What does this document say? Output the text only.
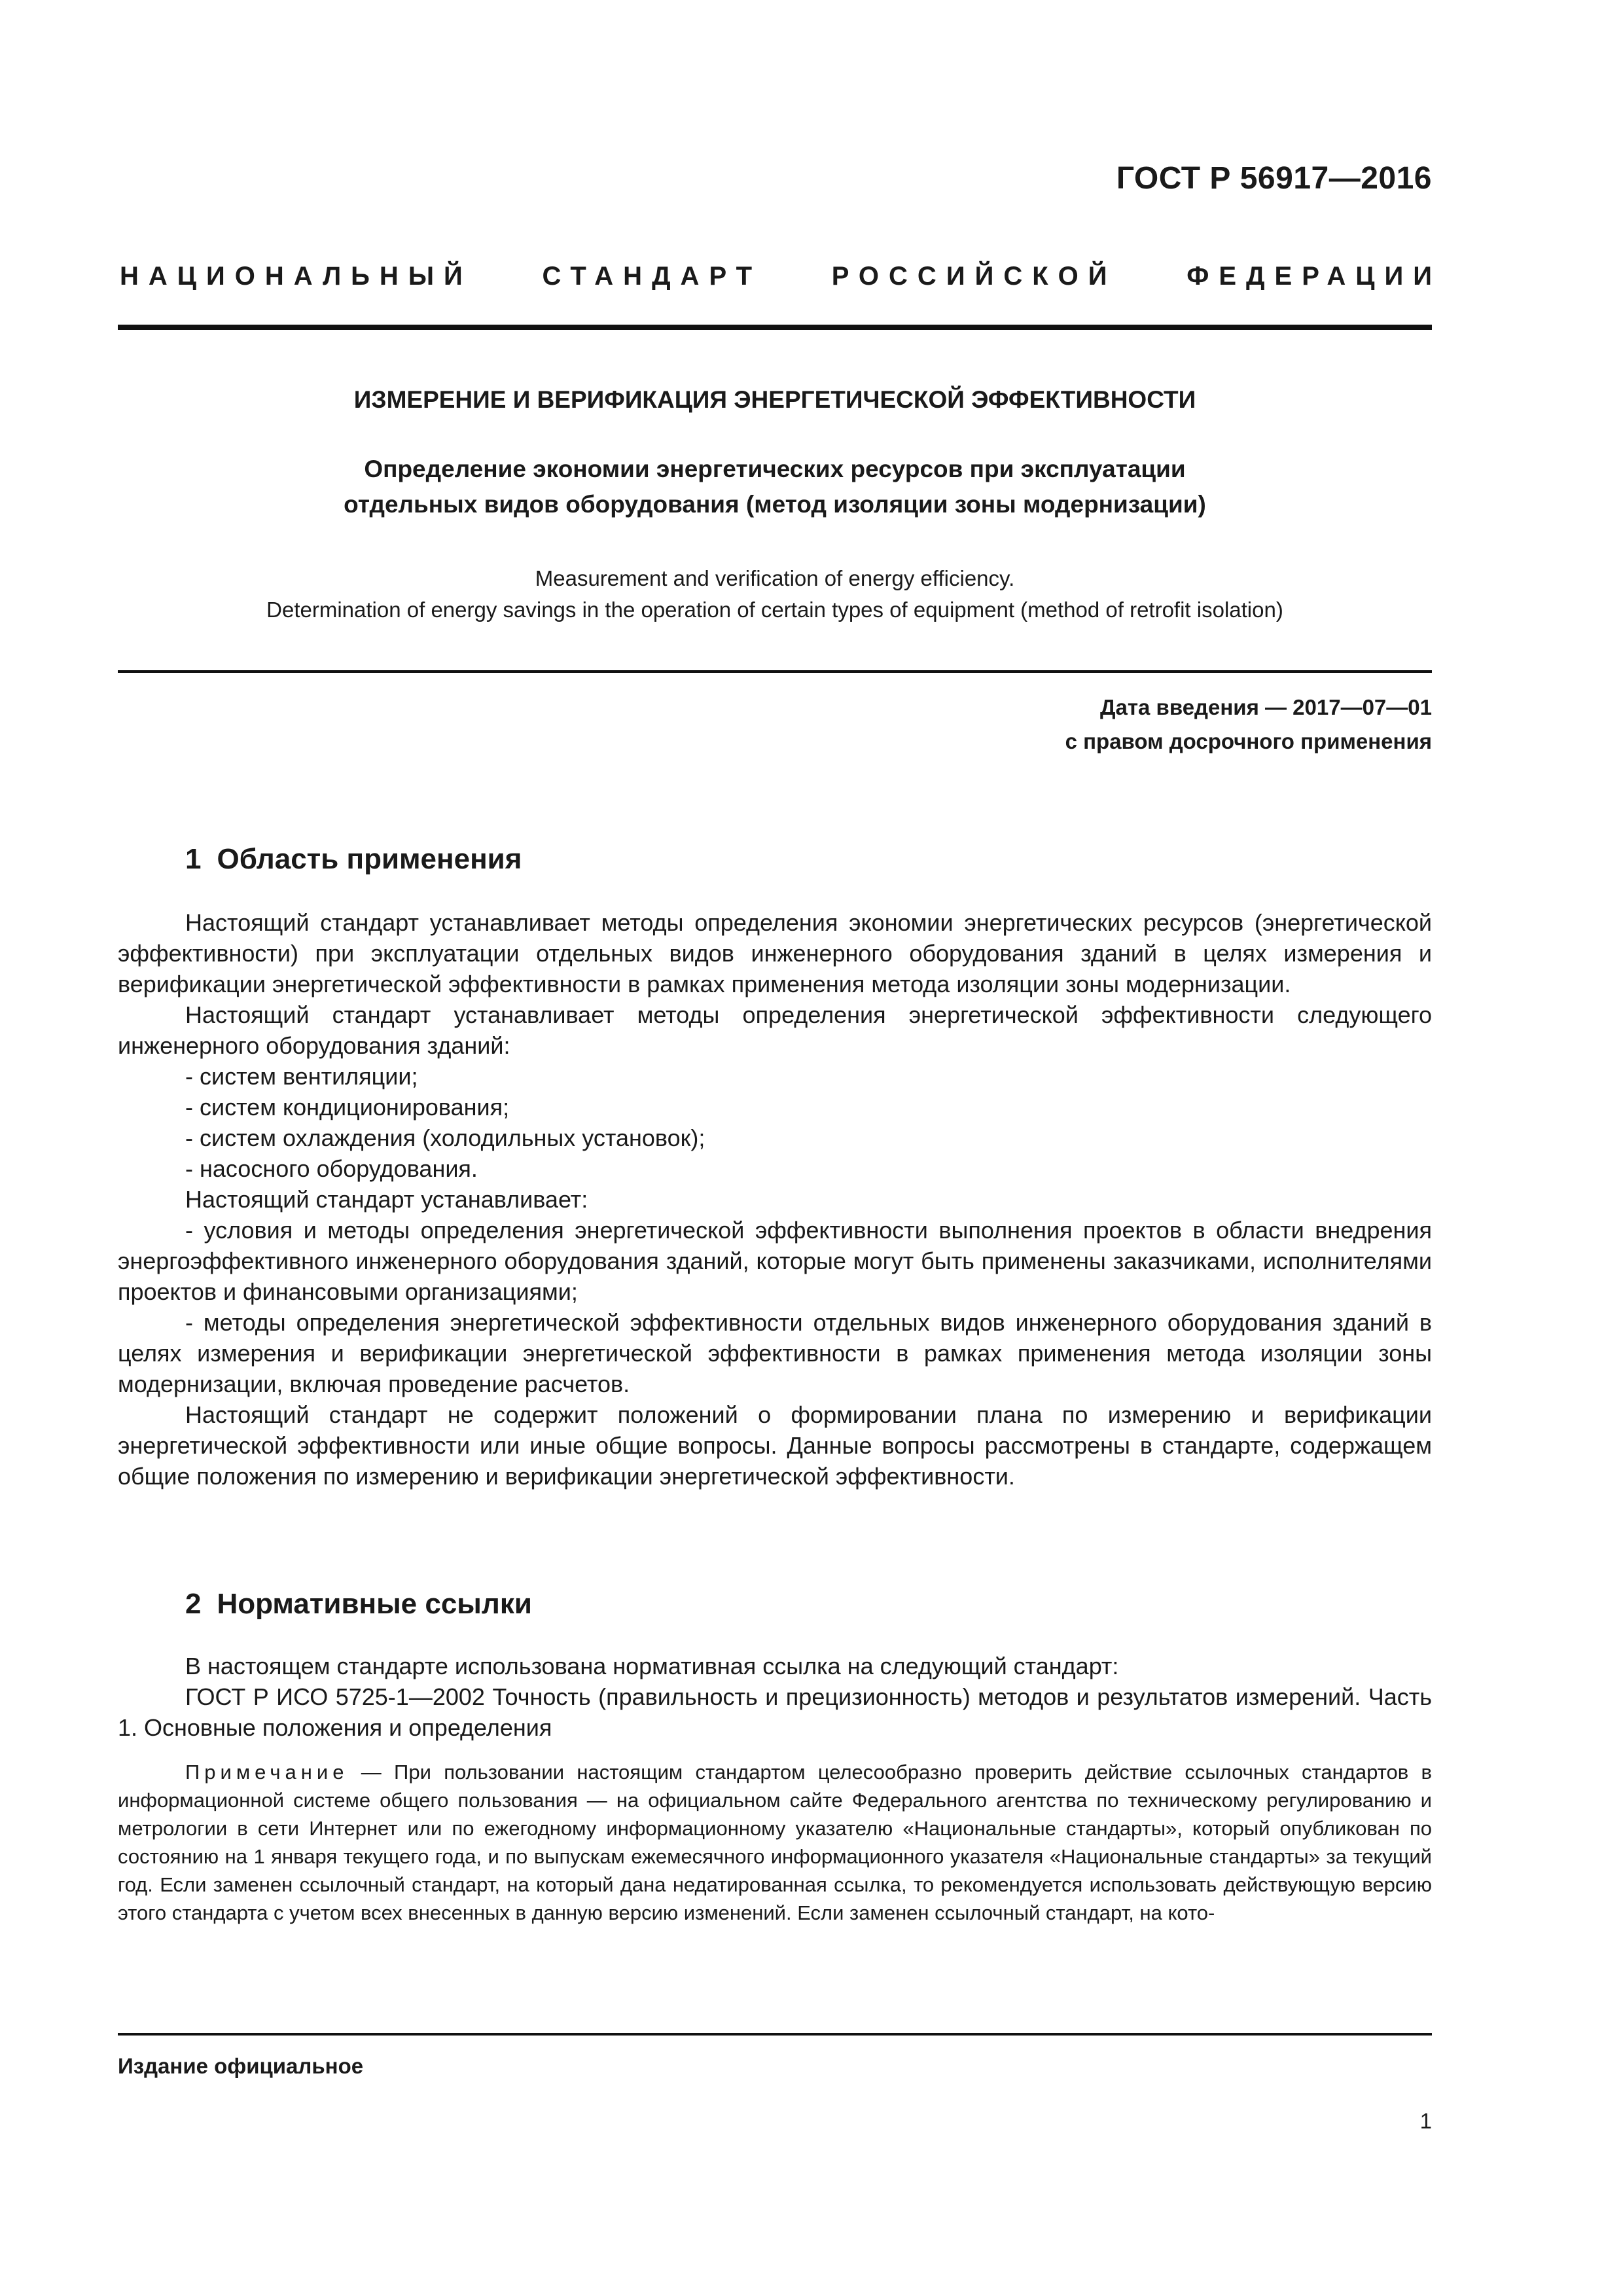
ГОСТ Р 56917—2016
НАЦИОНАЛЬНЫЙ	СТАНДАРТ	РОССИЙСКОЙ	ФЕДЕРАЦИИ
ИЗМЕРЕНИЕ И ВЕРИФИКАЦИЯ ЭНЕРГЕТИЧЕСКОЙ ЭФФЕКТИВНОСТИ
Определение экономии энергетических ресурсов при эксплуатации
отдельных видов оборудования (метод изоляции зоны модернизации)
Measurement and verification of energy efficiency.
Determination of energy savings in the operation of certain types of equipment (method of retrofit isolation)
Дата введения — 2017—07—01
с правом досрочного применения
1 Область применения

Настоящий стандарт устанавливает методы определения экономии энергетических ресурсов (энергетической эффективности) при эксплуатации отдельных видов инженерного оборудования зданий в целях измерения и верификации энергетической эффективности в рамках применения метода изоляции зоны модернизации.

Настоящий стандарт устанавливает методы определения энергетической эффективности следующего инженерного оборудования зданий:

- систем вентиляции;

- систем кондиционирования;

- систем охлаждения (холодильных установок);

- насосного оборудования.

Настоящий стандарт устанавливает:

- условия и методы определения энергетической эффективности выполнения проектов в области внедрения энергоэффективного инженерного оборудования зданий, которые могут быть применены заказчиками, исполнителями проектов и финансовыми организациями;

- методы определения энергетической эффективности отдельных видов инженерного оборудования зданий в целях измерения и верификации энергетической эффективности в рамках применения метода изоляции зоны модернизации, включая проведение расчетов.

Настоящий стандарт не содержит положений о формировании плана по измерению и верификации энергетической эффективности или иные общие вопросы. Данные вопросы рассмотрены в стандарте, содержащем общие положения по измерению и верификации энергетической эффективности.

2 Нормативные ссылки

В настоящем стандарте использована нормативная ссылка на следующий стандарт:

ГОСТ Р ИСО 5725-1—2002 Точность (правильность и прецизионность) методов и результатов измерений. Часть 1. Основные положения и определения

Примечание — При пользовании настоящим стандартом целесообразно проверить действие ссылочных стандартов в информационной системе общего пользования — на официальном сайте Федерального агентства по техническому регулированию и метрологии в сети Интернет или по ежегодному информационному указателю «Национальные стандарты», который опубликован по состоянию на 1 января текущего года, и по выпускам ежемесячного информационного указателя «Национальные стандарты» за текущий год. Если заменен ссылочный стандарт, на который дана недатированная ссылка, то рекомендуется использовать действующую версию этого стандарта с учетом всех внесенных в данную версию изменений. Если заменен ссылочный стандарт, на кото-
Издание официальное
1
